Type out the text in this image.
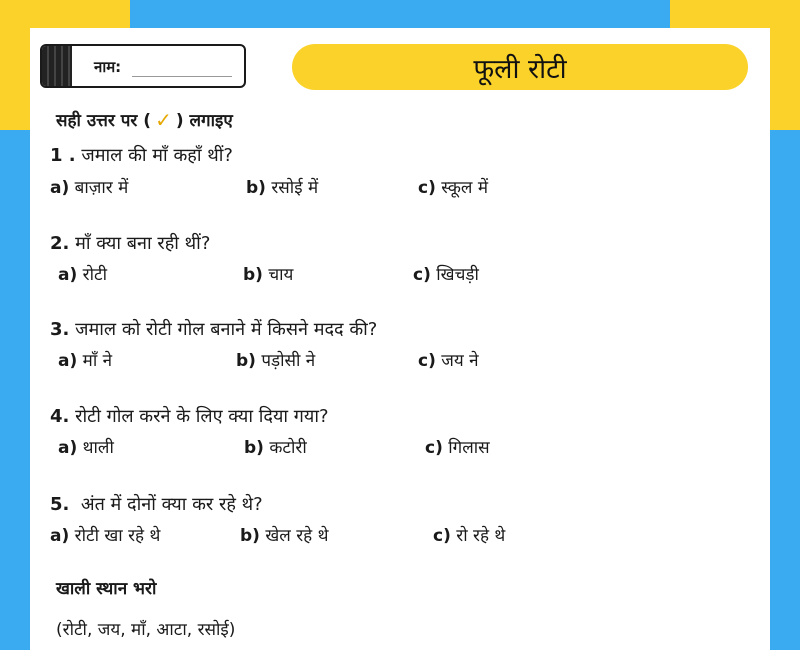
नाम:	फूली रोटी
सही उत्तर पर ( ✓ ) लगाइए
1 . जमाल की माँ कहाँ थीं?
a) बाज़ार में	b) रसोई में	c) स्कूल में
2. माँ क्या बना रही थीं?
a) रोटी	b) चाय	c) खिचड़ी
3. जमाल को रोटी गोल बनाने में किसने मदद की?
a) माँ ने	b) पड़ोसी ने	c) जय ने
4. रोटी गोल करने के लिए क्या दिया गया?
a) थाली	b) कटोरी	c) गिलास
5. अंत में दोनों क्या कर रहे थे?
a) रोटी खा रहे थे	b) खेल रहे थे	c) रो रहे थे
खाली स्थान भरो
(रोटी, जय, माँ, आटा, रसोई)
